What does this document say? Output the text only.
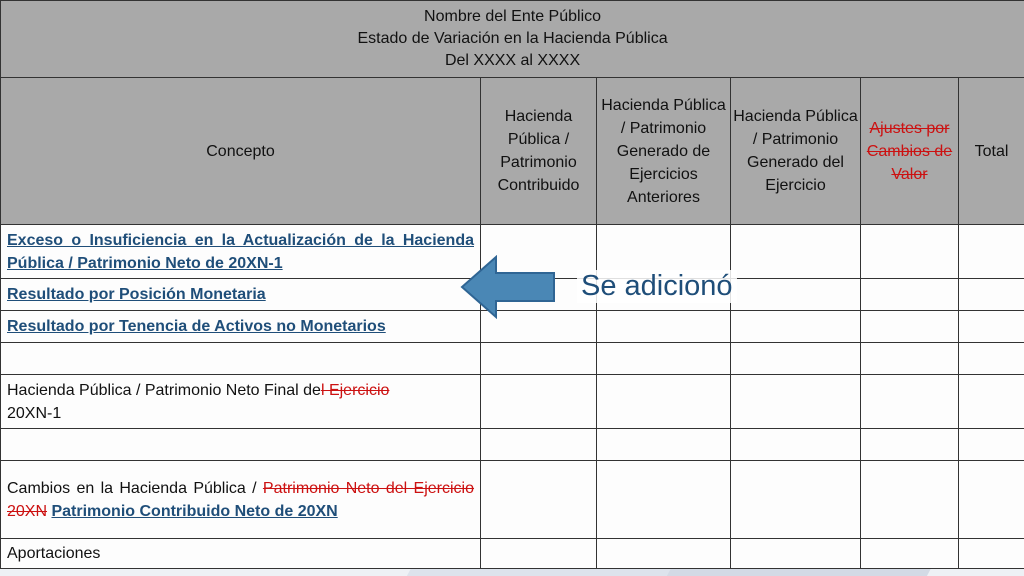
Nombre del Ente Público
Estado de Variación en la Hacienda Pública
Del XXXX al XXXX					

Concepto	Hacienda Pública / Patrimonio Contribuido	Hacienda Pública / Patrimonio Generado de Ejercicios Anteriores	Hacienda Pública / Patrimonio Generado del Ejercicio	Ajustes por Cambios de Valor	Total
Exceso o Insuficiencia en la Actualización de la Hacienda Pública / Patrimonio Neto de 20XN-1					
Resultado por Posición Monetaria					
Resultado por Tenencia de Activos no Monetarios					

Hacienda Pública / Patrimonio Neto Final del Ejercicio
20XN-1					

Cambios en la Hacienda Pública / Patrimonio Neto del Ejercicio 20XN Patrimonio Contribuido Neto de 20XN					
Aportaciones					
Se adicionó
